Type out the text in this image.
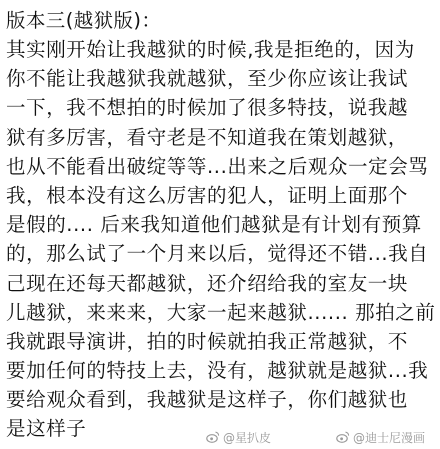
版本三(越狱版)：
其实刚开始让我越狱的时候,我是拒绝的，因为
你不能让我越狱我就越狱，至少你应该让我试
一下，我不想拍的时候加了很多特技，说我越
狱有多厉害，看守老是不知道我在策划越狱，
也从不能看出破绽等等...出来之后观众一定会骂
我，根本没有这么厉害的犯人，证明上面那个
是假的.... 后来我知道他们越狱是有计划有预算
的，那么试了一个月来以后，觉得还不错...我自
己现在还每天都越狱，还介绍给我的室友一块
儿越狱，来来来，大家一起来越狱...... 那拍之前
我就跟导演讲，拍的时候就拍我正常越狱，不
要加任何的特技上去，没有，越狱就是越狱...我
要给观众看到，我越狱是这样子，你们越狱也
是这样子	@星扒皮	@迪士尼漫画
